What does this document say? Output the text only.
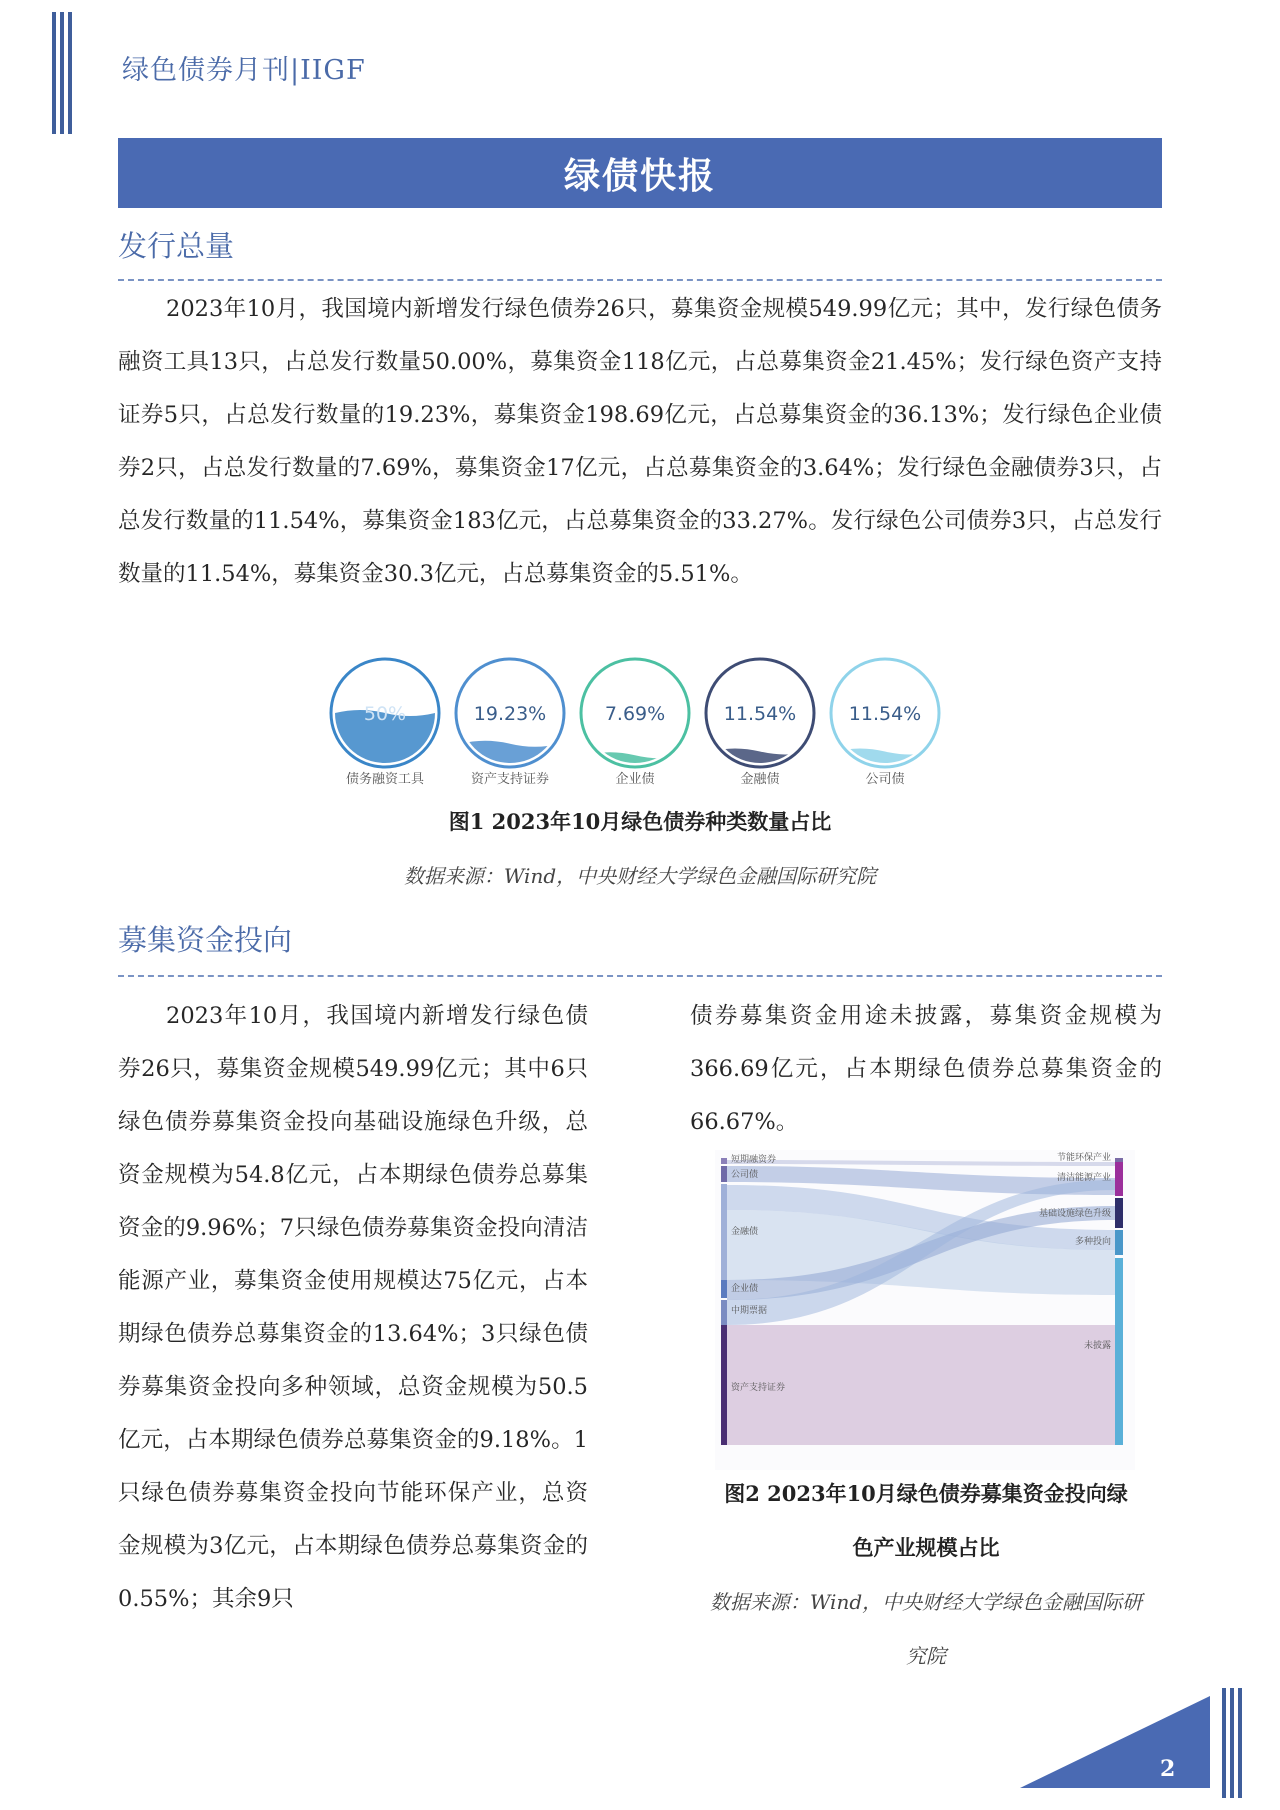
绿色债券月刊|IIGF
绿债快报
发行总量
2023年10月，我国境内新增发行绿色债券26只，募集资金规模549.99亿元；其中，发行绿色债务融资工具13只，占总发行数量50.00%，募集资金118亿元，占总募集资金21.45%；发行绿色资产支持证券5只，占总发行数量的19.23%，募集资金198.69亿元，占总募集资金的36.13%；发行绿色企业债券2只，占总发行数量的7.69%，募集资金17亿元，占总募集资金的3.64%；发行绿色金融债券3只，占总发行数量的11.54%，募集资金183亿元，占总募集资金的33.27%。发行绿色公司债券3只，占总发行数量的11.54%，募集资金30.3亿元，占总募集资金的5.51%。
50%
债务融资工具
19.23%
资产支持证券
7.69%
企业债
11.54%
金融债
11.54%
公司债
图1 2023年10月绿色债券种类数量占比
数据来源：Wind，中央财经大学绿色金融国际研究院
募集资金投向
2023年10月，我国境内新增发行绿色债券26只，募集资金规模549.99亿元；其中6只绿色债券募集资金投向基础设施绿色升级，总资金规模为54.8亿元，占本期绿色债券总募集资金的9.96%；7只绿色债券募集资金投向清洁能源产业，募集资金使用规模达75亿元，占本期绿色债券总募集资金的13.64%；3只绿色债券募集资金投向多种领域，总资金规模为50.5亿元，占本期绿色债券总募集资金的9.18%。1只绿色债券募集资金投向节能环保产业，总资金规模为3亿元，占本期绿色债券总募集资金的0.55%；其余9只
债券募集资金用途未披露，募集资金规模为366.69亿元，占本期绿色债券总募集资金的66.67%。
短期融资券
公司债
金融债
企业债
中期票据
资产支持证券
节能环保产业
清洁能源产业
基础设施绿色升级
多种投向
未披露
图2 2023年10月绿色债券募集资金投向绿
色产业规模占比
数据来源：Wind，中央财经大学绿色金融国际研
究院
2
